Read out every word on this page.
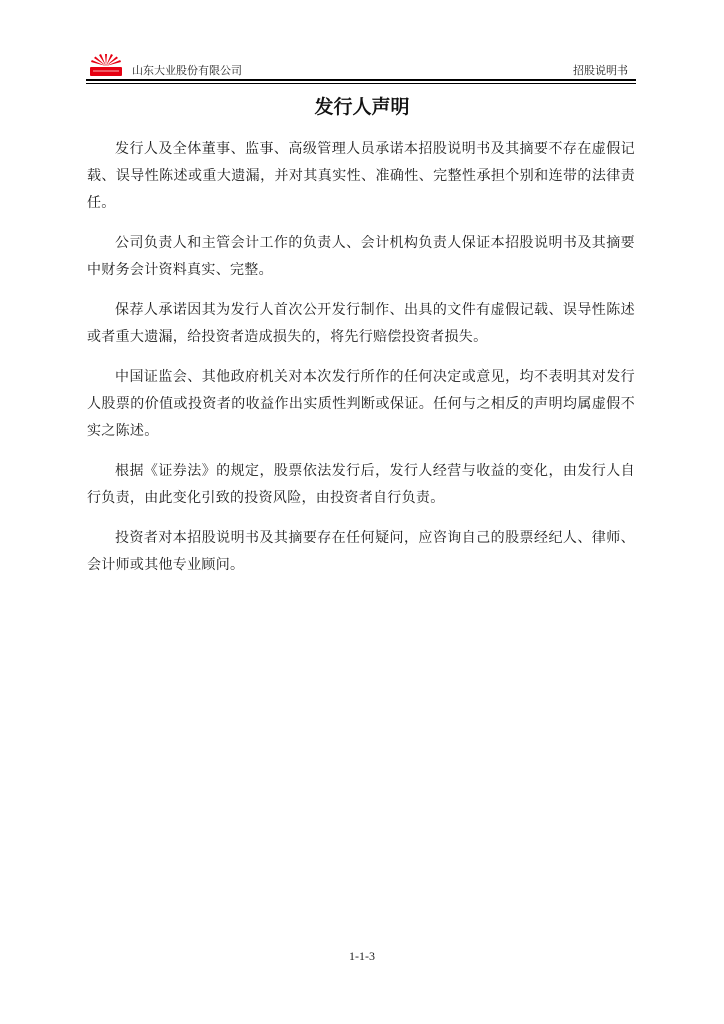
山东大业股份有限公司	招股说明书
发行人声明

发行人及全体董事、监事、高级管理人员承诺本招股说明书及其摘要不存在虚假记载、误导性陈述或重大遗漏，并对其真实性、准确性、完整性承担个别和连带的法律责任。

公司负责人和主管会计工作的负责人、会计机构负责人保证本招股说明书及其摘要中财务会计资料真实、完整。

保荐人承诺因其为发行人首次公开发行制作、出具的文件有虚假记载、误导性陈述或者重大遗漏，给投资者造成损失的，将先行赔偿投资者损失。

中国证监会、其他政府机关对本次发行所作的任何决定或意见，均不表明其对发行人股票的价值或投资者的收益作出实质性判断或保证。任何与之相反的声明均属虚假不实之陈述。

根据《证券法》的规定，股票依法发行后，发行人经营与收益的变化，由发行人自行负责，由此变化引致的投资风险，由投资者自行负责。

投资者对本招股说明书及其摘要存在任何疑问，应咨询自己的股票经纪人、律师、会计师或其他专业顾问。

1-1-3
